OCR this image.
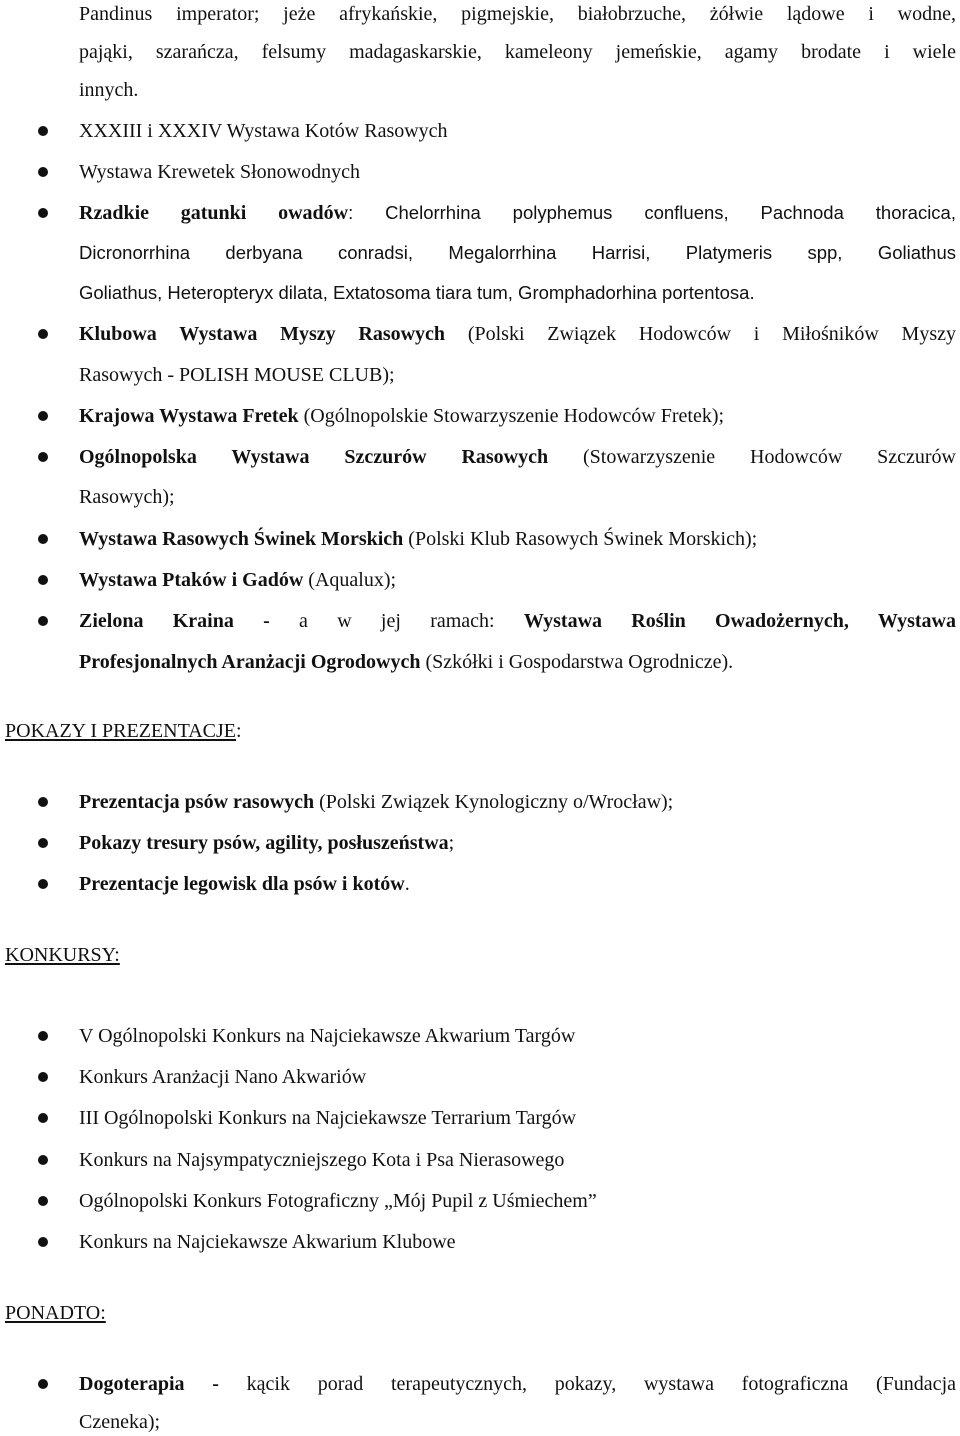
Pandinus imperator; jeże afrykańskie, pigmejskie, białobrzuche, żółwie lądowe i wodne,
pająki, szarańcza, felsumy madagaskarskie, kameleony jemeńskie, agamy brodate i wiele
innych.
XXXIII i XXXIV Wystawa Kotów Rasowych
Wystawa Krewetek Słonowodnych
Rzadkie gatunki owadów: Chelorrhina polyphemus confluens, Pachnoda thoracica,
Dicronorrhina derbyana conradsi, Megalorrhina Harrisi, Platymeris spp, Goliathus
Goliathus, Heteropteryx dilata, Extatosoma tiara tum, Gromphadorhina portentosa.
Klubowa Wystawa Myszy Rasowych (Polski Związek Hodowców i Miłośników Myszy
Rasowych - POLISH MOUSE CLUB);
Krajowa Wystawa Fretek (Ogólnopolskie Stowarzyszenie Hodowców Fretek);
Ogólnopolska Wystawa Szczurów Rasowych (Stowarzyszenie Hodowców Szczurów
Rasowych);
Wystawa Rasowych Świnek Morskich (Polski Klub Rasowych Świnek Morskich);
Wystawa Ptaków i Gadów (Aqualux);
Zielona Kraina - a w jej ramach: Wystawa Roślin Owadożernych, Wystawa
Profesjonalnych Aranżacji Ogrodowych (Szkółki i Gospodarstwa Ogrodnicze).
POKAZY I PREZENTACJE:
Prezentacja psów rasowych (Polski Związek Kynologiczny o/Wrocław);
Pokazy tresury psów, agility, posłuszeństwa;
Prezentacje legowisk dla psów i kotów.
KONKURSY:
V Ogólnopolski Konkurs na Najciekawsze Akwarium Targów
Konkurs Aranżacji Nano Akwariów
III Ogólnopolski Konkurs na Najciekawsze Terrarium Targów
Konkurs na Najsympatyczniejszego Kota i Psa Nierasowego
Ogólnopolski Konkurs Fotograficzny „Mój Pupil z Uśmiechem”
Konkurs na Najciekawsze Akwarium Klubowe
PONADTO:
Dogoterapia - kącik porad terapeutycznych, pokazy, wystawa fotograficzna (Fundacja
Czeneka);
